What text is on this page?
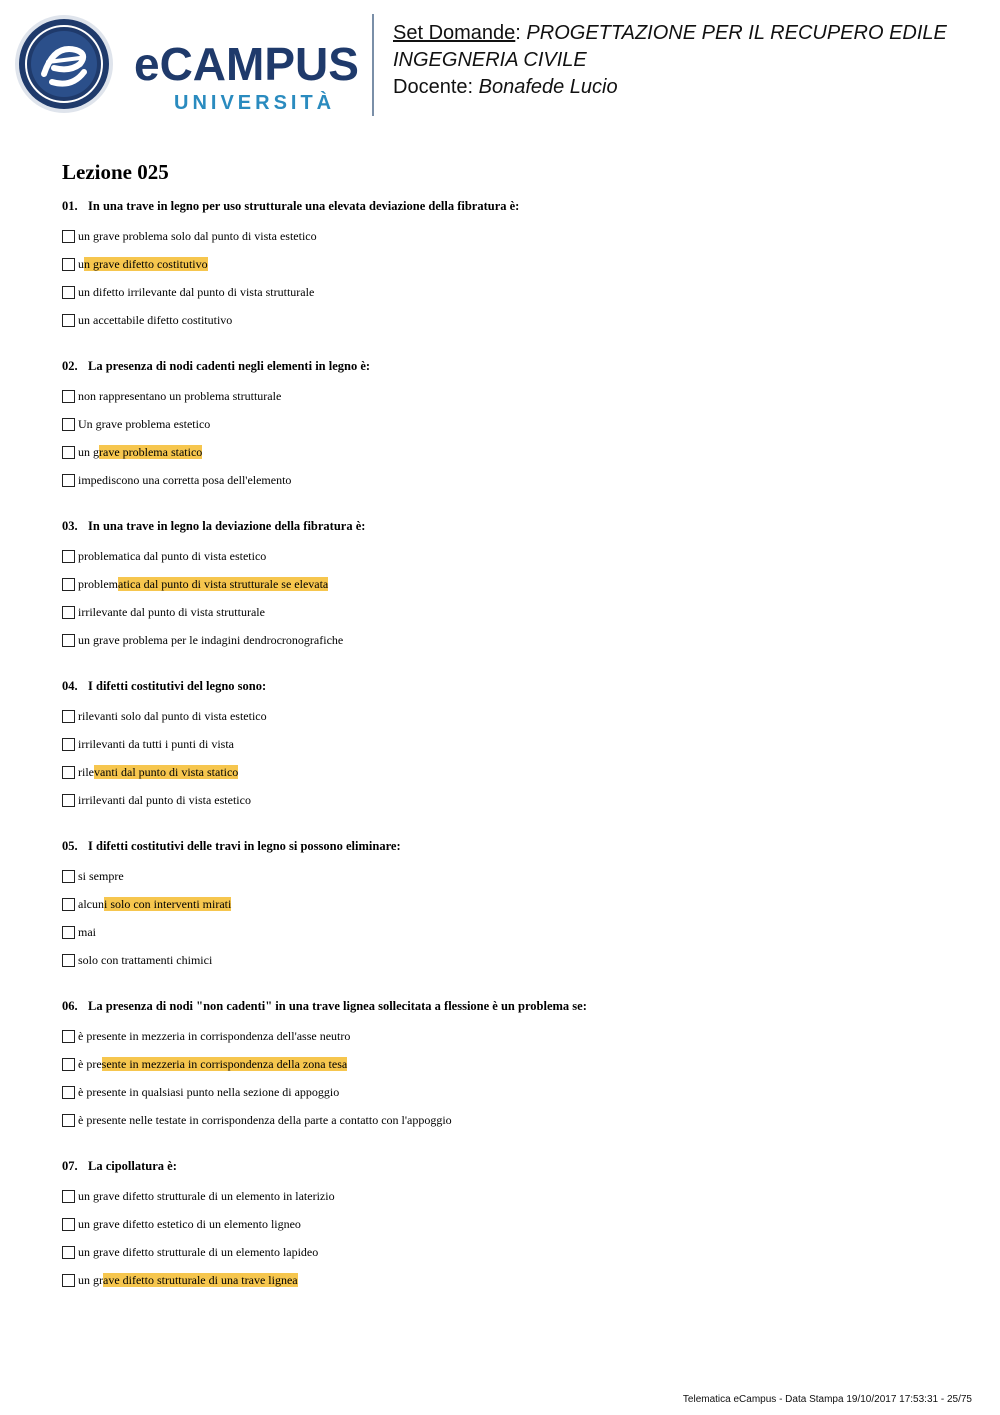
eCAMPUS
UNIVERSITÀ
Set Domande: PROGETTAZIONE PER IL RECUPERO EDILE
INGEGNERIA CIVILE
Docente: Bonafede Lucio
Lezione 025
01. In una trave in legno per uso strutturale una elevata deviazione della fibratura è:
un grave problema solo dal punto di vista estetico
un grave difetto costitutivo
un difetto irrilevante dal punto di vista strutturale
un accettabile difetto costitutivo
02. La presenza di nodi cadenti negli elementi in legno è:
non rappresentano un problema strutturale
Un grave problema estetico
un grave problema statico
impediscono una corretta posa dell'elemento
03. In una trave in legno la deviazione della fibratura è:
problematica dal punto di vista estetico
problematica dal punto di vista strutturale se elevata
irrilevante dal punto di vista strutturale
un grave problema per le indagini dendrocronografiche
04. I difetti costitutivi del legno sono:
rilevanti solo dal punto di vista estetico
irrilevanti da tutti i punti di vista
rilevanti dal punto di vista statico
irrilevanti dal punto di vista estetico
05. I difetti costitutivi delle travi in legno si possono eliminare:
si sempre
alcuni solo con interventi mirati
mai
solo con trattamenti chimici
06. La presenza di nodi "non cadenti" in una trave lignea sollecitata a flessione è un problema se:
è presente in mezzeria in corrispondenza dell'asse neutro
è presente in mezzeria in corrispondenza della zona tesa
è presente in qualsiasi punto nella sezione di appoggio
è presente nelle testate in corrispondenza della parte a contatto con l'appoggio
07. La cipollatura è:
un grave difetto strutturale di un elemento in laterizio
un grave difetto estetico di un elemento ligneo
un grave difetto strutturale di un elemento lapideo
un grave difetto strutturale di una trave lignea
Telematica eCampus - Data Stampa 19/10/2017 17:53:31 - 25/75
